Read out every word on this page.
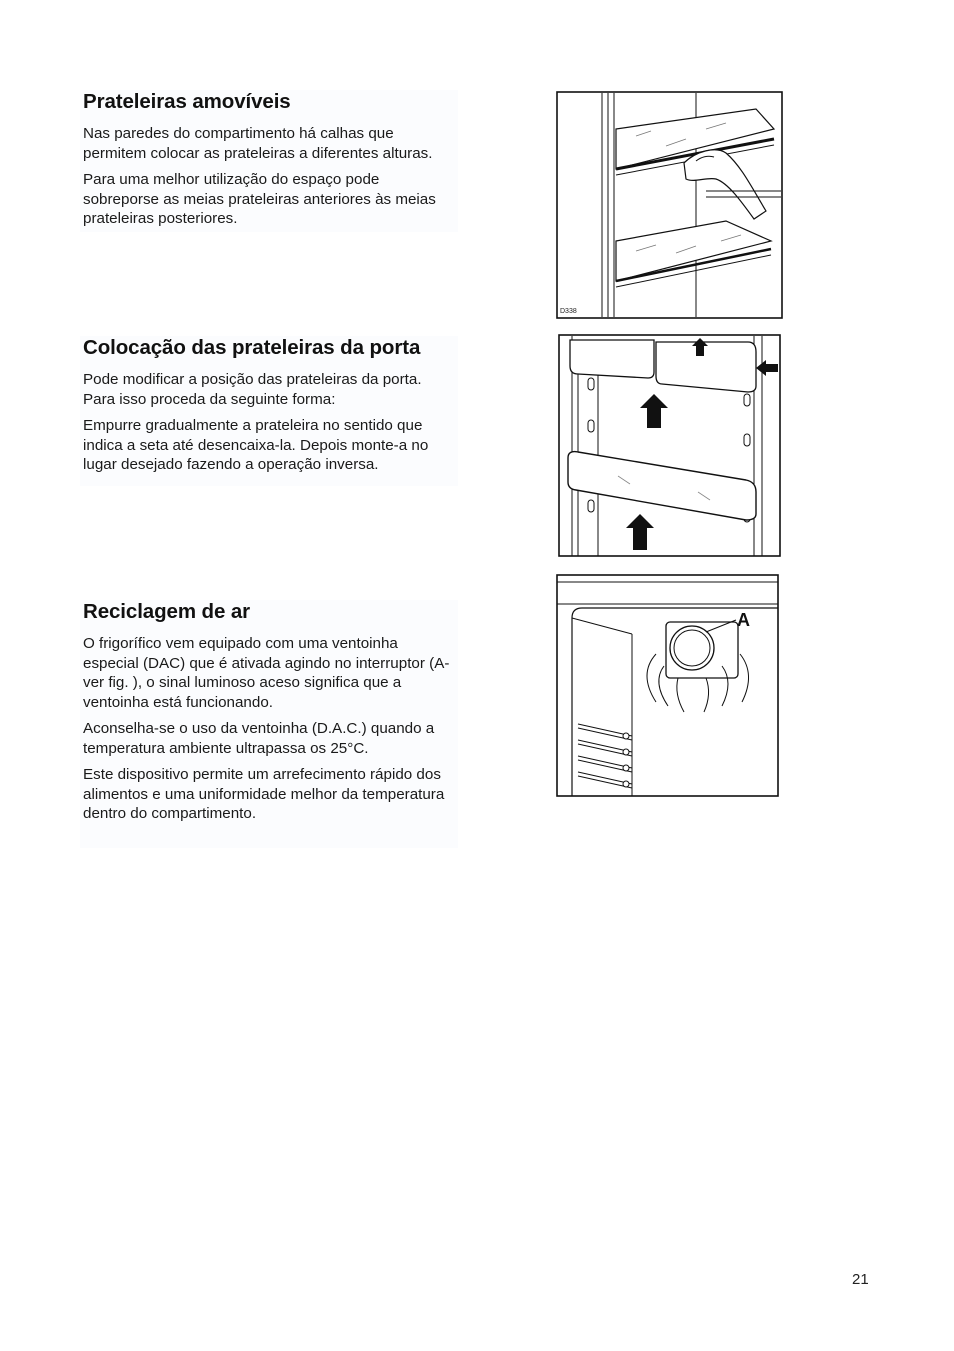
Prateleiras amovíveis

Nas paredes do compartimento há calhas que permitem colocar as prateleiras a diferentes alturas.

Para uma melhor utilização do espaço pode sobreporse as meias prateleiras anteriores às meias prateleiras posteriores.

Colocação das prateleiras da porta

Pode modificar a posição das prateleiras da porta. Para isso proceda da seguinte forma:

Empurre gradualmente a prateleira no sentido que indica a seta até desencaixa-la. Depois monte-a no lugar desejado fazendo a operação inversa.

Reciclagem de ar

O frigorífico vem equipado com uma ventoinha especial (DAC) que é ativada agindo no interruptor (A-ver fig. ), o sinal luminoso aceso significa que a ventoinha está funcionando.

Aconselha-se o uso da ventoinha (D.A.C.) quando a temperatura ambiente ultrapassa os 25°C.

Este dispositivo permite um arrefecimento rápido dos alimentos e uma uniformidade melhor da temperatura dentro do compartimento.

D338
A
21
